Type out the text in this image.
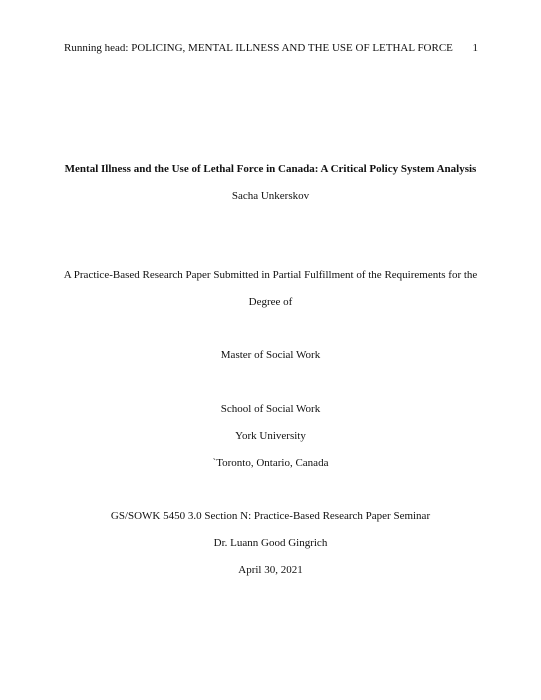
Running head: POLICING, MENTAL ILLNESS AND THE USE OF LETHAL FORCE 1
Mental Illness and the Use of Lethal Force in Canada: A Critical Policy System Analysis
Sacha Unkerskov
A Practice-Based Research Paper Submitted in Partial Fulfillment of the Requirements for the
Degree of
Master of Social Work
School of Social Work
York University
`Toronto, Ontario, Canada
GS/SOWK 5450 3.0 Section N: Practice-Based Research Paper Seminar
Dr. Luann Good Gingrich
April 30, 2021
